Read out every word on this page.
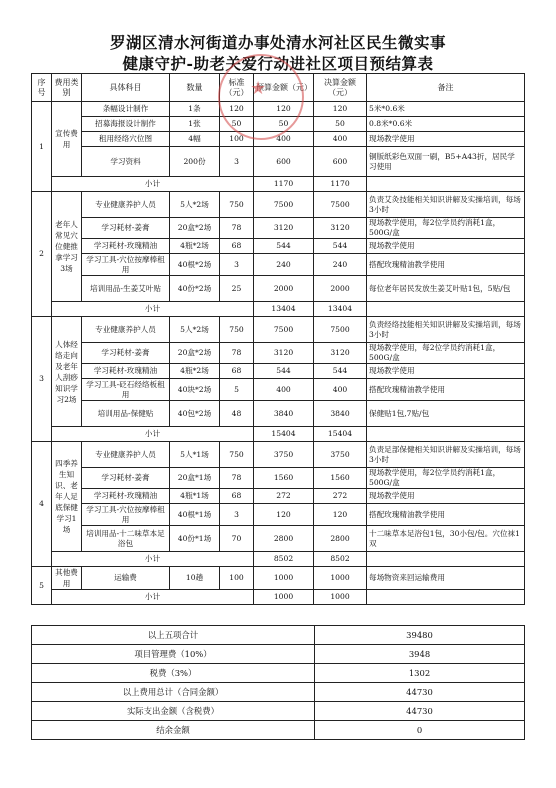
罗湖区清水河街道办事处清水河社区民生微实事
健康守护-助老关爱行动进社区项目预结算表
序号	费用类别	具体科目	数量	标准（元）	预算金额（元）	决算金额（元）	备注
1	宣传费用	条幅设计制作	1条	120	120	120	5米*0.6米
		招募海报设计制作	1张	50	50	50	0.8米*0.6米
		租用经络穴位图	4幅	100	400	400	现场教学使用
		学习资料	200份	3	600	600	铜版纸彩色双面一刷，B5+A43折，居民学习使用
	小计				1170	1170	
2	老年人常见穴位健推拿学习3场	专业健康养护人员	5人*2场	750	7500	7500	负责艾灸技能相关知识讲解及实操培训，每场3小时
		学习耗材-姜膏	20盒*2场	78	3120	3120	现场教学使用，每2位学员约消耗1盒，500G/盒
		学习耗材-玫瑰精油	4瓶*2场	68	544	544	现场教学使用
		学习工具-穴位按摩棒租用	40根*2场	3	240	240	搭配玫瑰精油教学使用
		培训用品-生姜艾叶贴	40份*2场	25	2000	2000	每位老年居民发放生姜艾叶贴1包，5贴/包
	小计				13404	13404	
3	人体经络走向及老年人刮痧知识学习2场	专业健康养护人员	5人*2场	750	7500	7500	负责经络技能相关知识讲解及实操培训，每场3小时
		学习耗材-姜膏	20盒*2场	78	3120	3120	现场教学使用，每2位学员约消耗1盒，500G/盒
		学习耗材-玫瑰精油	4瓶*2场	68	544	544	现场教学使用
		学习工具-砭石经络板租用	40块*2场	5	400	400	搭配玫瑰精油教学使用
		培训用品-保健贴	40包*2场	48	3840	3840	保健贴1包,7贴/包
	小计				15404	15404	
4	四季养生知识、老年人足底保健学习1场	专业健康养护人员	5人*1场	750	3750	3750	负责足部保健相关知识讲解及实操培训，每场3小时
		学习耗材-姜膏	20盒*1场	78	1560	1560	现场教学使用，每2位学员约消耗1盒，500G/盒
		学习耗材-玫瑰精油	4瓶*1场	68	272	272	现场教学使用
		学习工具-穴位按摩棒租用	40根*1场	3	120	120	搭配玫瑰精油教学使用
		培训用品-十二味草本足浴包	40份*1场	70	2800	2800	十二味草本足浴包1包，30小包/包。穴位袜1双
	小计				8502	8502	
5	其他费用	运输费	10趟	100	1000	1000	每场物资来回运输费用
	小计				1000	1000	
以上五项合计	39480
项目管理费（10%）	3948
税费（3%）	1302
以上费用总计（合同金额）	44730
实际支出金额（含税费）	44730
结余金额	0
★
